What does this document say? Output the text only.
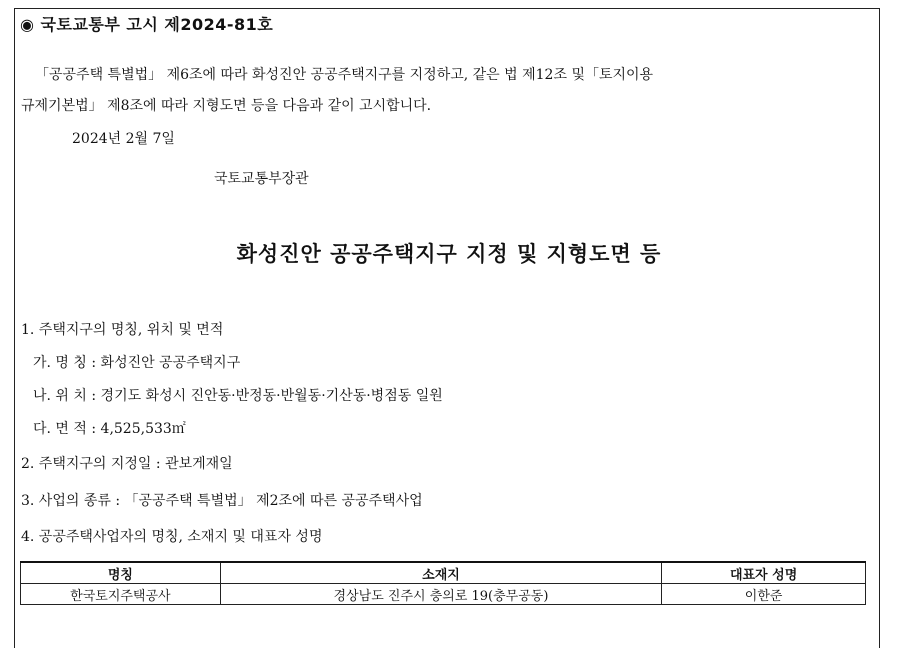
◉ 국토교통부 고시 제2024-81호
「공공주택 특별법」 제6조에 따라 화성진안 공공주택지구를 지정하고, 같은 법 제12조 및「토지이용
규제기본법」 제8조에 따라 지형도면 등을 다음과 같이 고시합니다.
2024년 2월 7일
국토교통부장관
화성진안 공공주택지구 지정 및 지형도면 등
1. 주택지구의 명칭, 위치 및 면적
가. 명 칭 : 화성진안 공공주택지구
나. 위 치 : 경기도 화성시 진안동·반정동·반월동·기산동·병점동 일원
다. 면 적 : 4,525,533㎡
2. 주택지구의 지정일 : 관보게재일
3. 사업의 종류 : 「공공주택 특별법」 제2조에 따른 공공주택사업
4. 공공주택사업자의 명칭, 소재지 및 대표자 성명
명칭	소재지	대표자 성명
한국토지주택공사	경상남도 진주시 충의로 19(충무공동)	이한준
